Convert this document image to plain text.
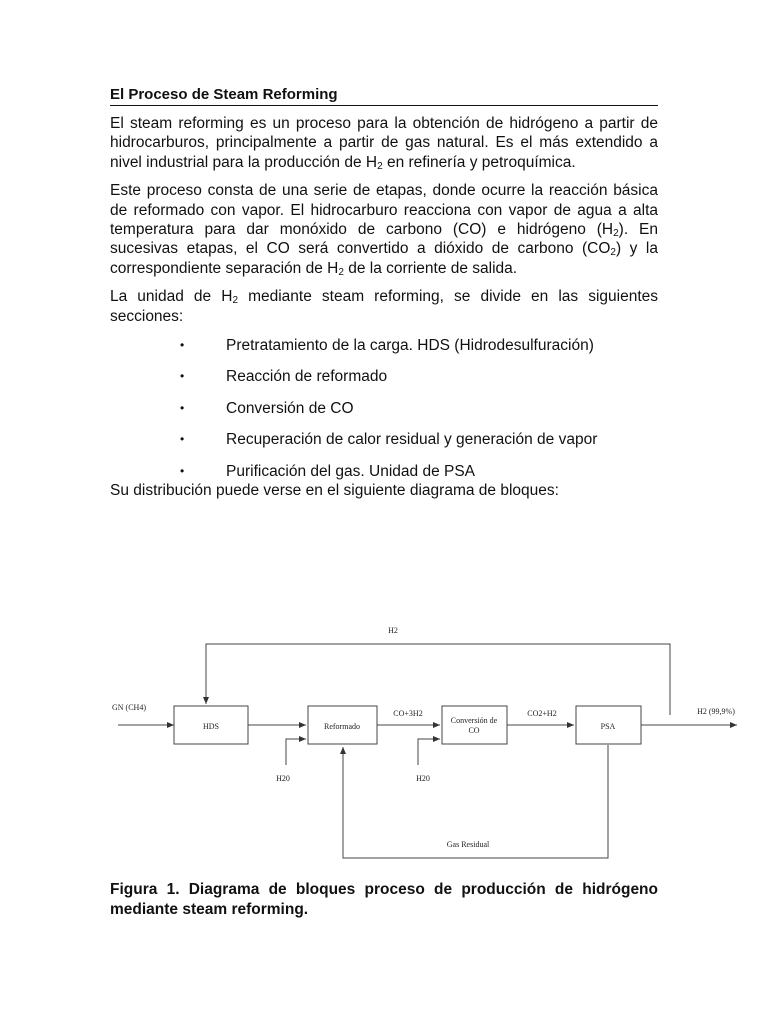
El Proceso de Steam Reforming

El steam reforming es un proceso para la obtención de hidrógeno a partir de hidrocarburos, principalmente a partir de gas natural. Es el más extendido a nivel industrial para la producción de $H_2$ en refinería y petroquímica.

Este proceso consta de una serie de etapas, donde ocurre la reacción básica de reformado con vapor. El hidrocarburo reacciona con vapor de agua a alta temperatura para dar monóxido de carbono (CO) e hidrógeno $(H_2)$. En sucesivas etapas, el CO será convertido a dióxido de carbono $(CO_2)$ y la correspondiente separación de $H_2$ de la corriente de salida.

La unidad de $H_2$ mediante steam reforming, se divide en las siguientes secciones:

•	Pretratamiento de la carga. HDS (Hidrodesulfuración)
•	Reacción de reformado
•	Conversión de CO
•	Recuperación de calor residual y generación de vapor
•	Purificación del gas. Unidad de PSA

Su distribución puede verse en el siguiente diagrama de bloques:

HDS	Reformado
Conversión de
CO	PSA
H2
GN (CH4)
CO+3H2	CO2+H2	H2 (99,9%)
H20	H20
Gas Residual
Figura 1. Diagrama de bloques proceso de producción de hidrógeno mediante steam reforming.
